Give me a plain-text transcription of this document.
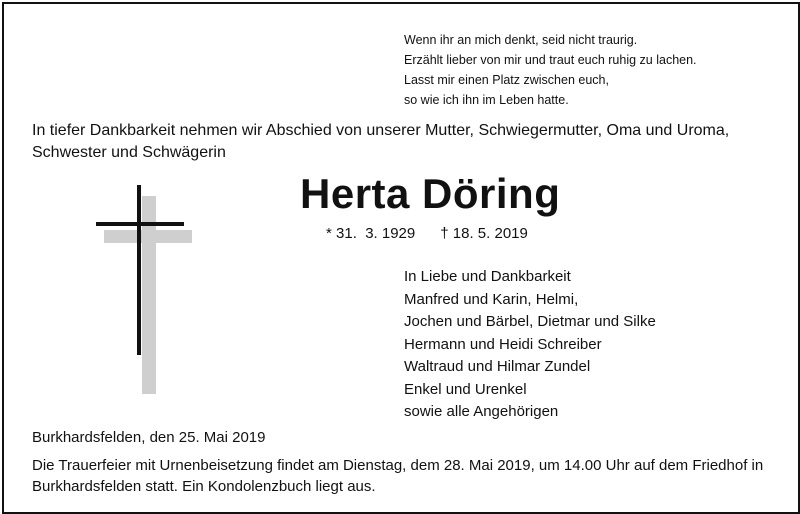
Wenn ihr an mich denkt, seid nicht traurig.
Erzählt lieber von mir und traut euch ruhig zu lachen.
Lasst mir einen Platz zwischen euch,
so wie ich ihn im Leben hatte.
In tiefer Dankbarkeit nehmen wir Abschied von unserer Mutter, Schwiegermutter, Oma und Uroma, Schwester und Schwägerin
Herta Döring
* 31.  3. 1929 † 18. 5. 2019
In Liebe und Dankbarkeit
Manfred und Karin, Helmi,
Jochen und Bärbel, Dietmar und Silke
Hermann und Heidi Schreiber
Waltraud und Hilmar Zundel
Enkel und Urenkel
sowie alle Angehörigen
Burkhardsfelden, den 25. Mai 2019
Die Trauerfeier mit Urnenbeisetzung findet am Dienstag, dem 28. Mai 2019, um 14.00 Uhr auf dem Friedhof in Burkhardsfelden statt. Ein Kondolenzbuch liegt aus.
